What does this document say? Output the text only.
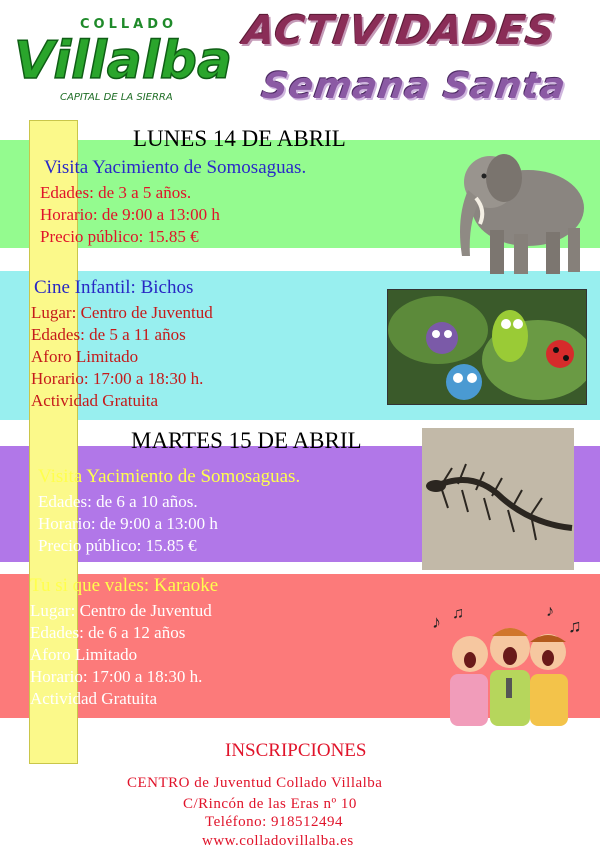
COLLADO
Villalba
CAPITAL DE LA SIERRA
ACTIVIDADES
Semana Santa
LUNES 14 DE ABRIL
Visita Yacimiento de Somosaguas.
Edades: de 3 a 5 años.
Horario: de 9:00 a 13:00 h
Precio público: 15.85 €
Cine Infantil: Bichos
Lugar: Centro de Juventud
Edades: de 5 a 11 años
Aforo Limitado
Horario: 17:00 a 18:30 h.
Actividad Gratuita
MARTES 15 DE ABRIL
Visita Yacimiento de Somosaguas.
Edades: de 6 a 10 años.
Horario: de 9:00 a 13:00 h
Precio público: 15.85 €
Tu si que vales: Karaoke
Lugar: Centro de Juventud
Edades: de 6 a 12 años
Aforo Limitado
Horario: 17:00 a 18:30 h.
Actividad Gratuita
♪ ♫	♪
♫
INSCRIPCIONES
CENTRO de Juventud Collado Villalba
C/Rincón de las Eras nº 10
Teléfono: 918512494
www.colladovillalba.es
